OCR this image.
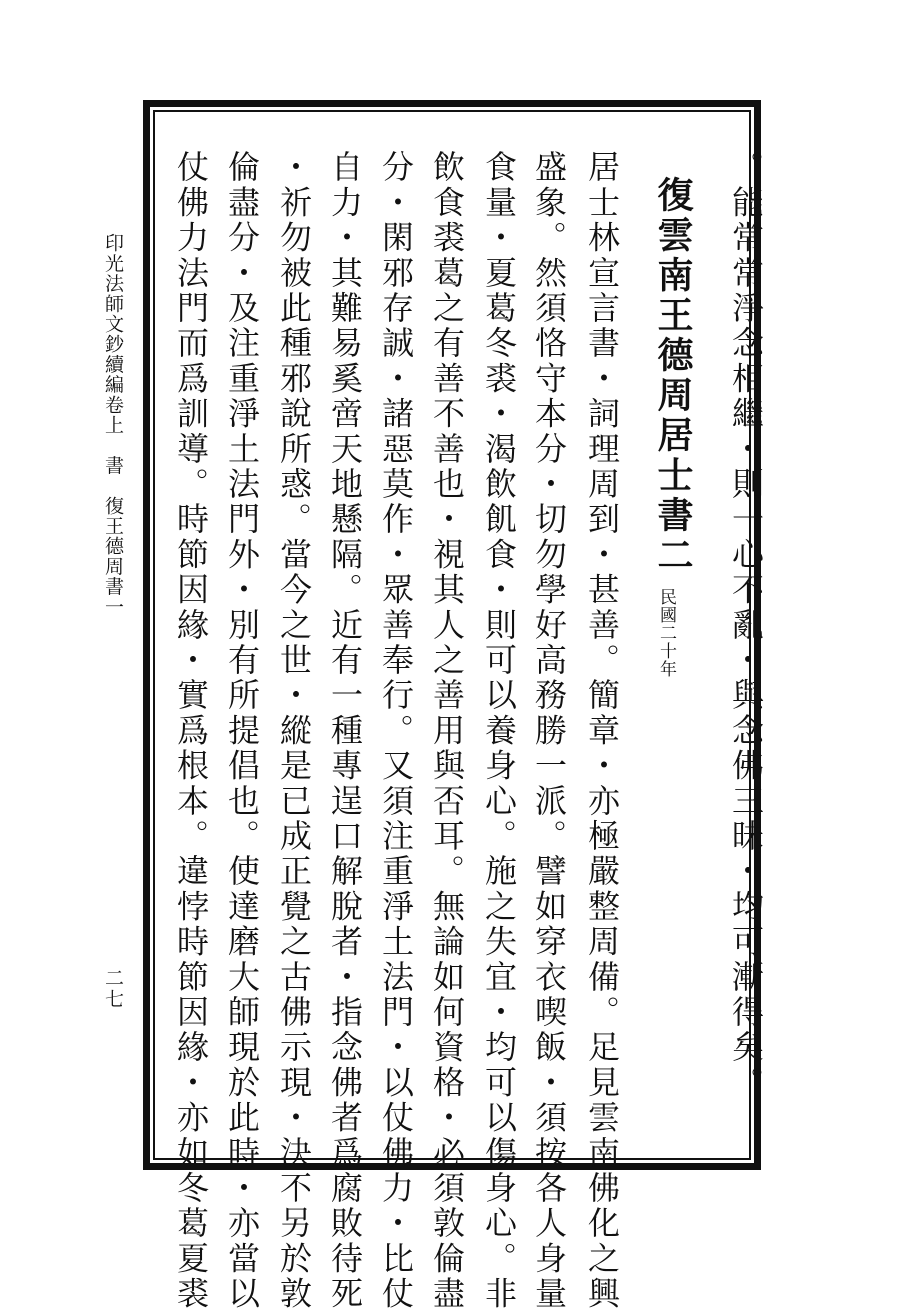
。能常常淨念相繼・則一心不亂・與念佛三昧・均可漸得矣。
復雲南王德周居士書二
民國二十年
居士林宣言書・詞理周到・甚善。簡章・亦極嚴整周備。足見雲南佛化之興
盛象。然須恪守本分・切勿學好高務勝一派。譬如穿衣喫飯・須按各人身量
食量・夏葛冬裘・渴飲飢食・則可以養身心。施之失宜・均可以傷身心。非
飲食裘葛之有善不善也・視其人之善用與否耳。無論如何資格・必須敦倫盡
分・閑邪存誠・諸惡莫作・眾善奉行。又須注重淨土法門・以仗佛力・比仗
自力・其難易奚啻天地懸隔。近有一種專逞口解脫者・指念佛者爲腐敗待死
・祈勿被此種邪說所惑。當今之世・縱是已成正覺之古佛示現・決不另於敦
倫盡分・及注重淨土法門外・別有所提倡也。使達磨大師現於此時・亦當以
仗佛力法門而爲訓導。時節因緣・實爲根本。違悖時節因緣・亦如冬葛夏裘
印光法師文鈔續編卷上　書　復王德周書一
二七
